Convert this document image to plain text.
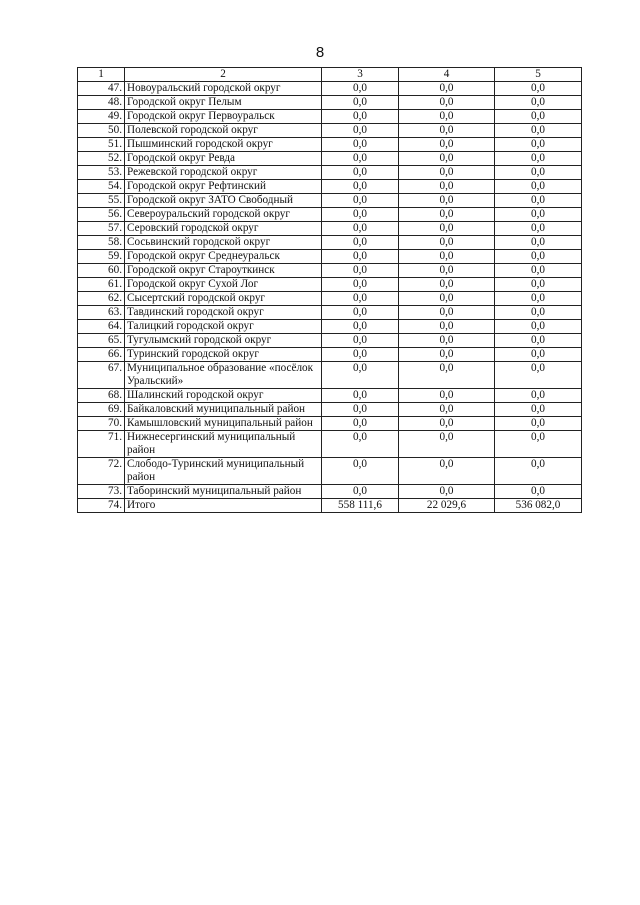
8
1	2	3	4	5
47.	Новоуральский городской округ	0,0	0,0	0,0
48.	Городской округ Пелым	0,0	0,0	0,0
49.	Городской округ Первоуральск	0,0	0,0	0,0
50.	Полевской городской округ	0,0	0,0	0,0
51.	Пышминский городской округ	0,0	0,0	0,0
52.	Городской округ Ревда	0,0	0,0	0,0
53.	Режевской городской округ	0,0	0,0	0,0
54.	Городской округ Рефтинский	0,0	0,0	0,0
55.	Городской округ ЗАТО Свободный	0,0	0,0	0,0
56.	Североуральский городской округ	0,0	0,0	0,0
57.	Серовский городской округ	0,0	0,0	0,0
58.	Сосьвинский городской округ	0,0	0,0	0,0
59.	Городской округ Среднеуральск	0,0	0,0	0,0
60.	Городской округ Староуткинск	0,0	0,0	0,0
61.	Городской округ Сухой Лог	0,0	0,0	0,0
62.	Сысертский городской округ	0,0	0,0	0,0
63.	Тавдинский городской округ	0,0	0,0	0,0
64.	Талицкий городской округ	0,0	0,0	0,0
65.	Тугулымский городской округ	0,0	0,0	0,0
66.	Туринский городской округ	0,0	0,0	0,0
67.	Муниципальное образование «посёлок Уральский»	0,0	0,0	0,0
68.	Шалинский городской округ	0,0	0,0	0,0
69.	Байкаловский муниципальный район	0,0	0,0	0,0
70.	Камышловский муниципальный район	0,0	0,0	0,0
71.	Нижнесергинский муниципальный район	0,0	0,0	0,0
72.	Слободо-Туринский муниципальный район	0,0	0,0	0,0
73.	Таборинский муниципальный район	0,0	0,0	0,0
74.	Итого	558 111,6	22 029,6	536 082,0
